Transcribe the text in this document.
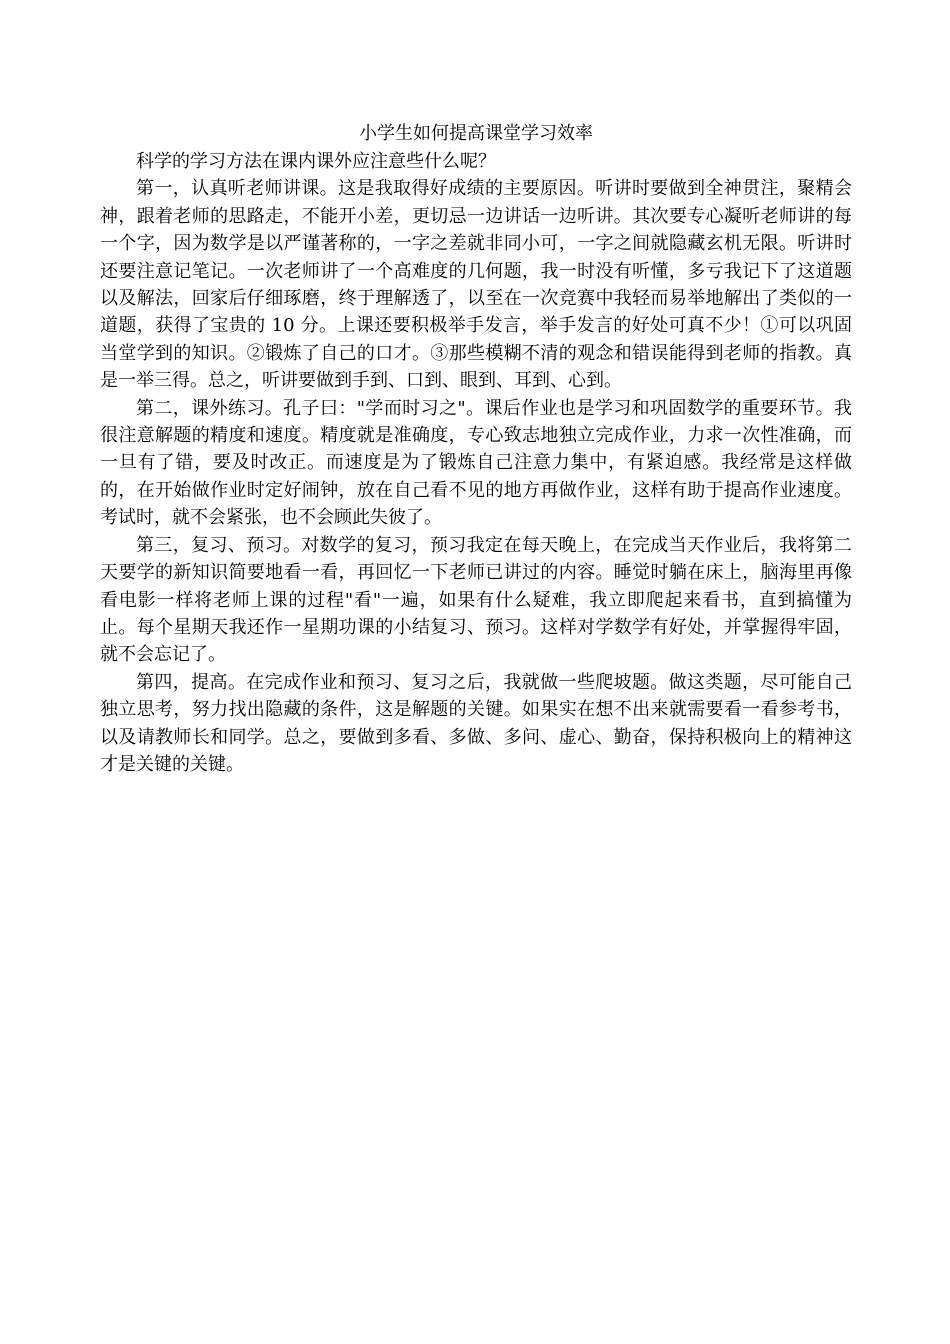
小学生如何提高课堂学习效率

科学的学习方法在课内课外应注意些什么呢？

第一，认真听老师讲课。这是我取得好成绩的主要原因。听讲时要做到全神贯注，聚精会神，跟着老师的思路走，不能开小差，更切忌一边讲话一边听讲。其次要专心凝听老师讲的每一个字，因为数学是以严谨著称的，一字之差就非同小可，一字之间就隐藏玄机无限。听讲时还要注意记笔记。一次老师讲了一个高难度的几何题，我一时没有听懂，多亏我记下了这道题以及解法，回家后仔细琢磨，终于理解透了，以至在一次竞赛中我轻而易举地解出了类似的一道题，获得了宝贵的 10 分。上课还要积极举手发言，举手发言的好处可真不少！①可以巩固当堂学到的知识。②锻炼了自己的口才。③那些模糊不清的观念和错误能得到老师的指教。真是一举三得。总之，听讲要做到手到、口到、眼到、耳到、心到。

第二，课外练习。孔子曰："学而时习之"。课后作业也是学习和巩固数学的重要环节。我很注意解题的精度和速度。精度就是准确度，专心致志地独立完成作业，力求一次性准确，而一旦有了错，要及时改正。而速度是为了锻炼自己注意力集中，有紧迫感。我经常是这样做的，在开始做作业时定好闹钟，放在自己看不见的地方再做作业，这样有助于提高作业速度。考试时，就不会紧张，也不会顾此失彼了。

第三，复习、预习。对数学的复习，预习我定在每天晚上，在完成当天作业后，我将第二天要学的新知识简要地看一看，再回忆一下老师已讲过的内容。睡觉时躺在床上，脑海里再像看电影一样将老师上课的过程"看"一遍，如果有什么疑难，我立即爬起来看书，直到搞懂为止。每个星期天我还作一星期功课的小结复习、预习。这样对学数学有好处，并掌握得牢固，就不会忘记了。

第四，提高。在完成作业和预习、复习之后，我就做一些爬坡题。做这类题，尽可能自己独立思考，努力找出隐藏的条件，这是解题的关键。如果实在想不出来就需要看一看参考书，以及请教师长和同学。总之，要做到多看、多做、多问、虚心、勤奋，保持积极向上的精神这才是关键的关键。
